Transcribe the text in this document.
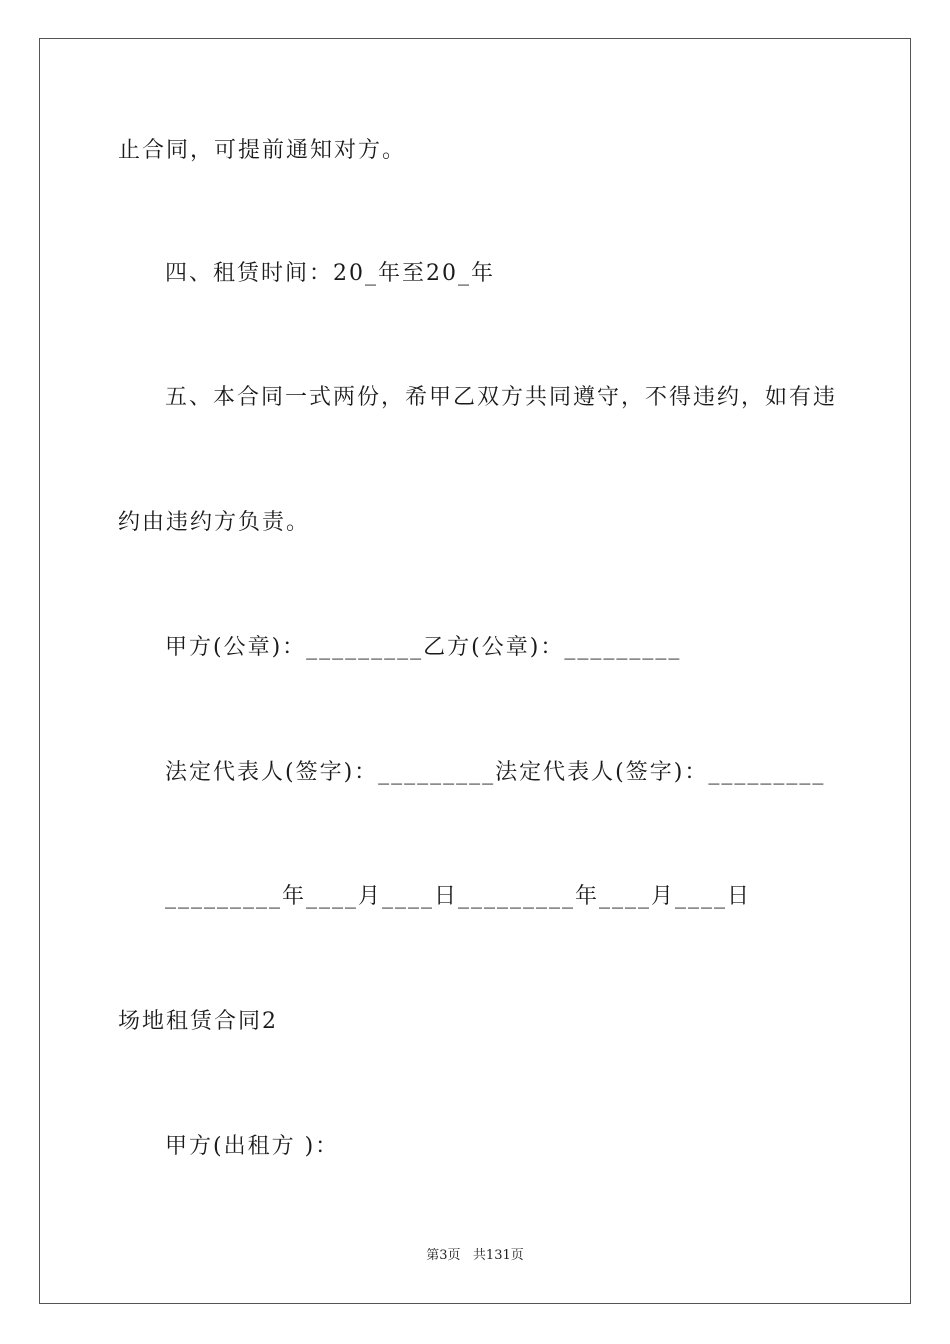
止合同，可提前通知对方。
四、租赁时间：20_年至20_年
五、本合同一式两份，希甲乙双方共同遵守，不得违约，如有违
约由违约方负责。
甲方(公章)：_________乙方(公章)：_________
法定代表人(签字)：_________法定代表人(签字)：_________
_________年____月____日_________年____月____日
场地租赁合同2
甲方(出租方 )：
第3页 共131页
